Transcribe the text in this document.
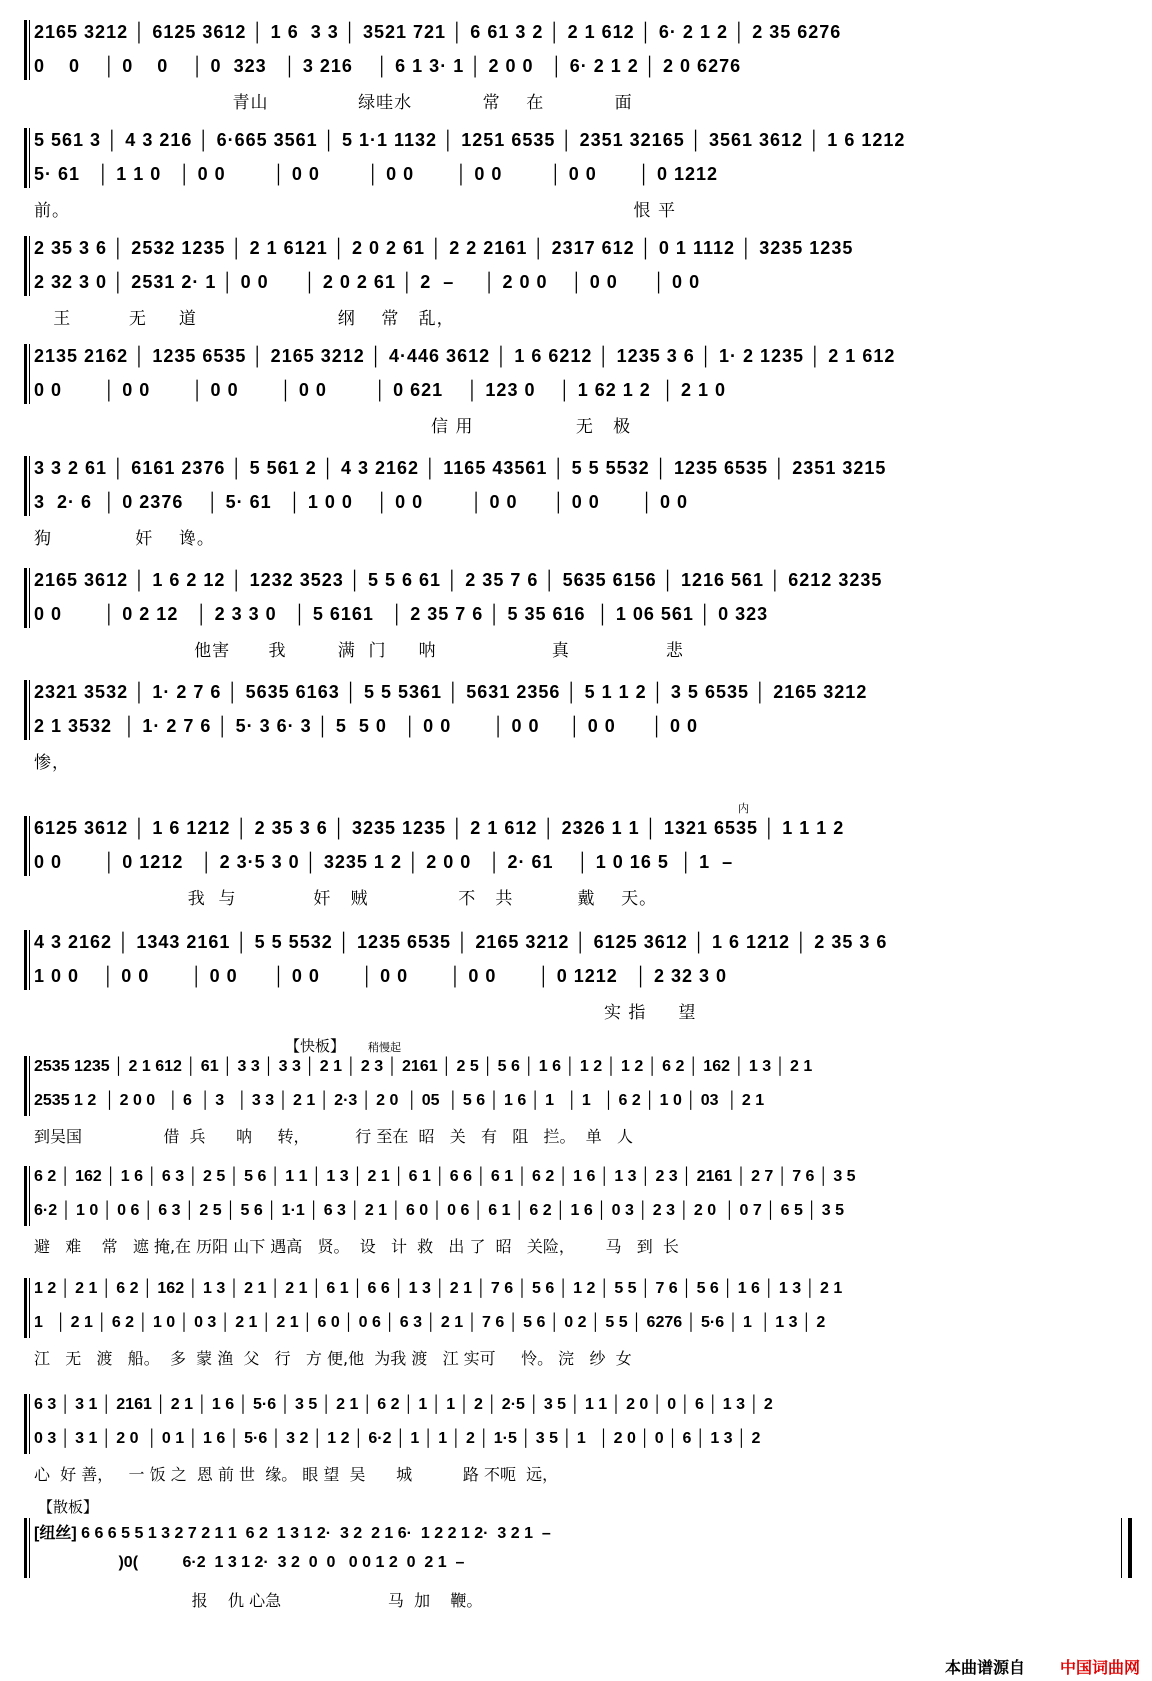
2165 3212 │ 6125 3612 │ 1 6  3 3 │ 3521 721 │ 6 61 3 2 │ 2 1 612 │ 6· 2 1 2 │ 2 35 6276
0    0    │ 0    0    │ 0  323   │ 3 216    │ 6 1 3· 1 │ 2 0 0   │ 6· 2 1 2 │ 2 0 6276
青山              绿哇水           常    在           面
5 561 3 │ 4 3 216 │ 6·665 3561 │ 5 1·1 1132 │ 1251 6535 │ 2351 32165 │ 3561 3612 │ 1 6 1212
5· 61   │ 1 1 0   │ 0 0        │ 0 0        │ 0 0       │ 0 0        │ 0 0       │ 0 1212
前。                                                                                        恨 平
2 35 3 6 │ 2532 1235 │ 2 1 6121 │ 2 0 2 61 │ 2 2 2161 │ 2317 612 │ 0 1 1112 │ 3235 1235
2 32 3 0 │ 2531 2· 1 │ 0 0      │ 2 0 2 61 │ 2  –     │ 2 0 0    │ 0 0      │ 0 0
王         无     道                      纲    常   乱，
2135 2162 │ 1235 6535 │ 2165 3212 │ 4·446 3612 │ 1 6 6212 │ 1235 3 6 │ 1· 2 1235 │ 2 1 612
0 0       │ 0 0       │ 0 0       │ 0 0        │ 0 621    │ 123 0    │ 1 62 1 2  │ 2 1 0
信 用                无   极
3 3 2 61 │ 6161 2376 │ 5 561 2 │ 4 3 2162 │ 1165 43561 │ 5 5 5532 │ 1235 6535 │ 2351 3215
3  2· 6  │ 0 2376    │ 5· 61   │ 1 0 0    │ 0 0        │ 0 0      │ 0 0       │ 0 0
狗             奸    谗。
2165 3612 │ 1 6 2 12 │ 1232 3523 │ 5 5 6 61 │ 2 35 7 6 │ 5635 6156 │ 1216 561 │ 6212 3235
0 0       │ 0 2 12   │ 2 3 3 0   │ 5 6161   │ 2 35 7 6 │ 5 35 616  │ 1 06 561 │ 0 323
他害      我        满  门     呐                  真               悲
2321 3532 │ 1· 2 7 6 │ 5635 6163 │ 5 5 5361 │ 5631 2356 │ 5 1 1 2 │ 3 5 6535 │ 2165 3212
2 1 3532  │ 1· 2 7 6 │ 5· 3 6· 3 │ 5  5 0   │ 0 0       │ 0 0     │ 0 0      │ 0 0
惨，
内
6125 3612 │ 1 6 1212 │ 2 35 3 6 │ 3235 1235 │ 2 1 612 │ 2326 1 1 │ 1321 6535 │ 1 1 1 2
0 0       │ 0 1212   │ 2 3·5 3 0 │ 3235 1 2 │ 2 0 0   │ 2· 61    │ 1 0 16 5  │ 1  –
我  与            奸   贼              不   共          戴    天。
4 3 2162 │ 1343 2161 │ 5 5 5532 │ 1235 6535 │ 2165 3212 │ 6125 3612 │ 1 6 1212 │ 2 35 3 6
1 0 0    │ 0 0       │ 0 0      │ 0 0       │ 0 0       │ 0 0       │ 0 1212   │ 2 32 3 0
实 指     望
【快板】 稍慢起
2535 1235 │ 2 1 612 │ 61 │ 3 3 │ 3 3 │ 2 1 │ 2 3 │ 2161 │ 2 5 │ 5 6 │ 1 6 │ 1 2 │ 1 2 │ 6 2 │ 162 │ 1 3 │ 2 1
2535 1 2  │ 2 0 0   │ 6  │ 3   │ 3 3 │ 2 1 │ 2·3 │ 2 0  │ 05  │ 5 6 │ 1 6 │ 1   │ 1   │ 6 2 │ 1 0 │ 03  │ 2 1
到吴国                借  兵      呐     转，         行 至在  昭   关   有   阻   拦。  单   人
6 2 │ 162 │ 1 6 │ 6 3 │ 2 5 │ 5 6 │ 1 1 │ 1 3 │ 2 1 │ 6 1 │ 6 6 │ 6 1 │ 6 2 │ 1 6 │ 1 3 │ 2 3 │ 2161 │ 2 7 │ 7 6 │ 3 5
6·2 │ 1 0 │ 0 6 │ 6 3 │ 2 5 │ 5 6 │ 1·1 │ 6 3 │ 2 1 │ 6 0 │ 0 6 │ 6 1 │ 6 2 │ 1 6 │ 0 3 │ 2 3 │ 2 0  │ 0 7 │ 6 5 │ 3 5
避   难    常   遮 掩,在 历阳 山下 遇高   贤。  设   计  救   出 了  昭   关险，      马   到  长
1 2 │ 2 1 │ 6 2 │ 162 │ 1 3 │ 2 1 │ 2 1 │ 6 1 │ 6 6 │ 1 3 │ 2 1 │ 7 6 │ 5 6 │ 1 2 │ 5 5 │ 7 6 │ 5 6 │ 1 6 │ 1 3 │ 2 1
1   │ 2 1 │ 6 2 │ 1 0 │ 0 3 │ 2 1 │ 2 1 │ 6 0 │ 0 6 │ 6 3 │ 2 1 │ 7 6 │ 5 6 │ 0 2 │ 5 5 │ 6276 │ 5·6 │ 1  │ 1 3 │ 2
江   无   渡   船。  多  蒙 渔  父   行   方 便,他  为我 渡   江 实可     怜。 浣   纱  女
6 3 │ 3 1 │ 2161 │ 2 1 │ 1 6 │ 5·6 │ 3 5 │ 2 1 │ 6 2 │ 1 │ 1 │ 2 │ 2·5 │ 3 5 │ 1 1 │ 2 0 │ 0 │ 6 │ 1 3 │ 2
0 3 │ 3 1 │ 2 0  │ 0 1 │ 1 6 │ 5·6 │ 3 2 │ 1 2 │ 6·2 │ 1 │ 1 │ 2 │ 1·5 │ 3 5 │ 1   │ 2 0 │ 0 │ 6 │ 1 3 │ 2
心  好 善，   一 饭 之  恩 前 世  缘。 眼 望  吴      城          路 不呃  远，
【散板】
[纽丝] 6 6 6 5 5 1 3 2 7 2 1 1  6 2  1 3 1 2·  3 2  2 1 6·  1 2 2 1 2·  3 2 1  –
)0(          6·2  1 3 1 2·  3 2  0  0   0 0 1 2  0  2 1  –
报    仇 心急                     马  加    鞭。
本曲谱源自 中国词曲网
